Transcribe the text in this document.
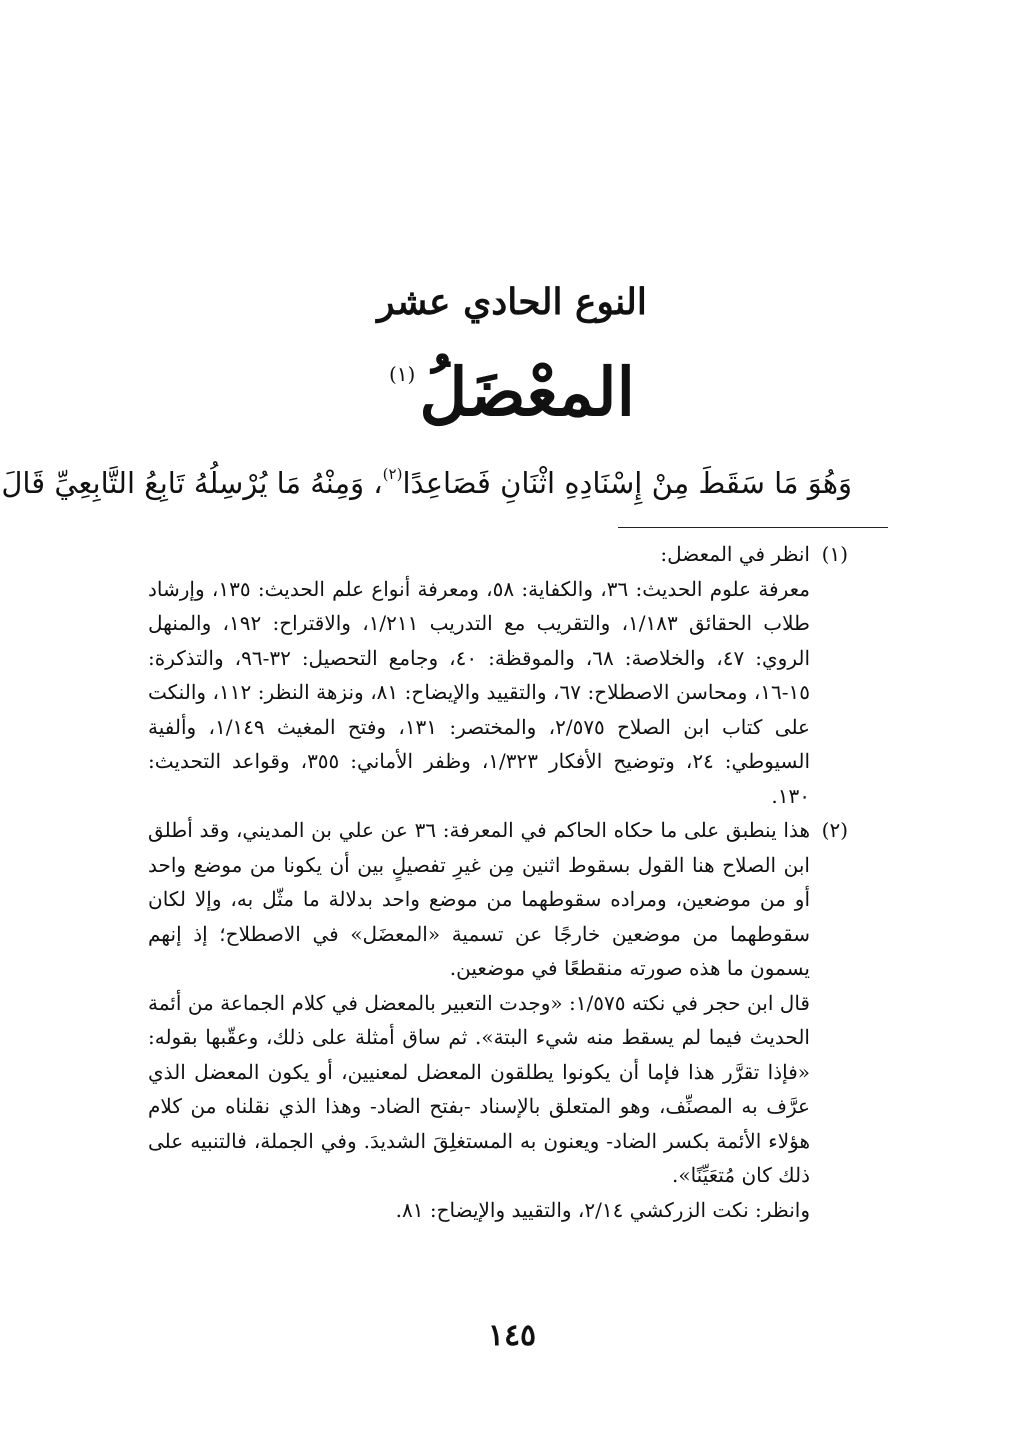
النوع الحادي عشر
المعْضَلُ(١)
وَهُوَ مَا سَقَطَ مِنْ إِسْنَادِهِ اثْنَانِ فَصَاعِدًا$^{(٢)}$، وَمِنْهُ مَا يُرْسِلُهُ تَابِعُ التَّابِعِيِّ قَالَ
(١)
انظر في المعضل:

معرفة علوم الحديث: ٣٦، والكفاية: ٥٨، ومعرفة أنواع علم الحديث: ١٣٥، وإرشاد طلاب الحقائق ١/١٨٣، والتقريب مع التدريب ١/٢١١، والاقتراح: ١٩٢، والمنهل الروي: ٤٧، والخلاصة: ٦٨، والموقظة: ٤٠، وجامع التحصيل: ٣٢-٩٦، والتذكرة: ١٥-١٦، ومحاسن الاصطلاح: ٦٧، والتقييد والإيضاح: ٨١، ونزهة النظر: ١١٢، والنكت على كتاب ابن الصلاح ٢/٥٧٥، والمختصر: ١٣١، وفتح المغيث ١/١٤٩، وألفية السيوطي: ٢٤، وتوضيح الأفكار ١/٣٢٣، وظفر الأماني: ٣٥٥، وقواعد التحديث: ١٣٠.

(٢)

هذا ينطبق على ما حكاه الحاكم في المعرفة: ٣٦ عن علي بن المديني، وقد أطلق ابن الصلاح هنا القول بسقوط اثنين مِن غيرِ تفصيلٍ بين أن يكونا من موضع واحد أو من موضعين، ومراده سقوطهما من موضع واحد بدلالة ما مثّل به، وإلا لكان سقوطهما من موضعين خارجًا عن تسمية «المعضَل» في الاصطلاح؛ إذ إنهم يسمون ما هذه صورته منقطعًا في موضعين.

قال ابن حجر في نكته ١/٥٧٥: «وجدت التعبير بالمعضل في كلام الجماعة من أئمة الحديث فيما لم يسقط منه شيء البتة». ثم ساق أمثلة على ذلك، وعقّبها بقوله: «فإذا تقرَّر هذا فإما أن يكونوا يطلقون المعضل لمعنيين، أو يكون المعضل الذي عرَّف به المصنِّف، وهو المتعلق بالإسناد -بفتح الضاد- وهذا الذي نقلناه من كلام هؤلاء الأئمة بكسر الضاد- ويعنون به المستغلِقَ الشديدَ. وفي الجملة، فالتنبيه على ذلك كان مُتعَيِّنًا».

وانظر: نكت الزركشي ٢/١٤، والتقييد والإيضاح: ٨١.

١٤٥
